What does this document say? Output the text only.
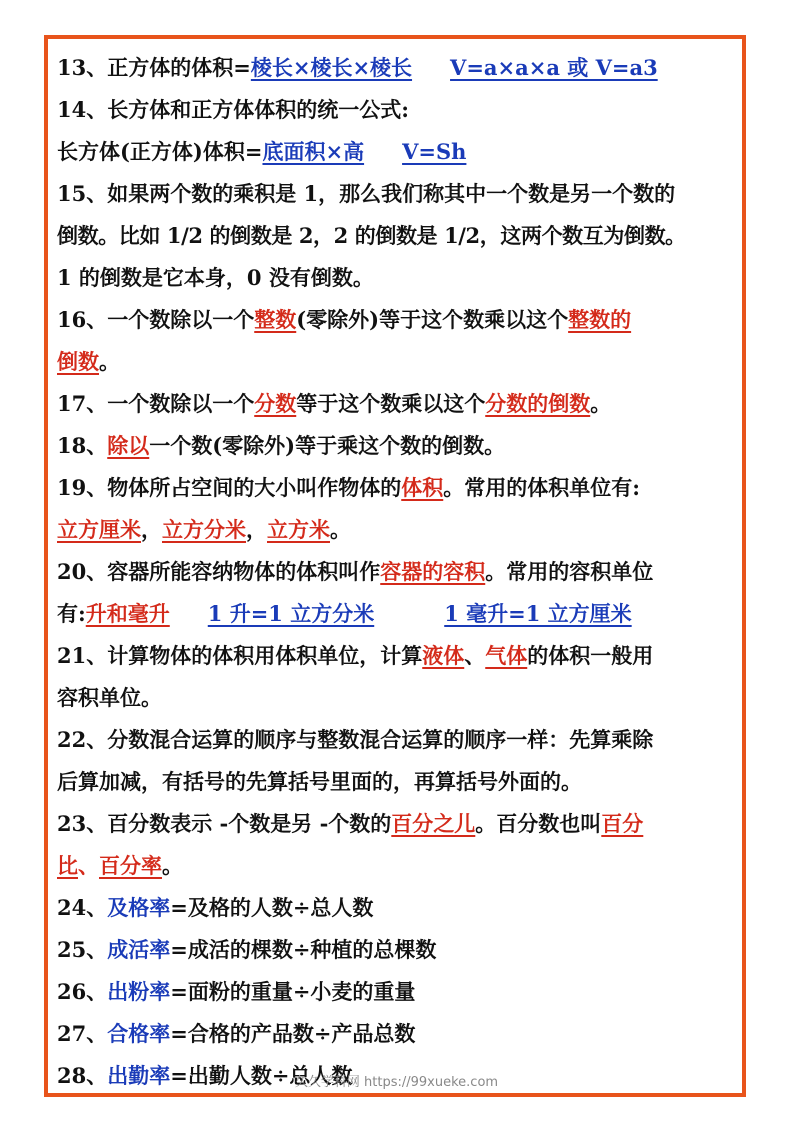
13、正方体的体积=棱长×棱长×棱长 V=a×a×a 或 V=a3
14、长方体和正方体体积的统一公式:
长方体(正方体)体积=底面积×高 V=Sh
15、如果两个数的乘积是 1，那么我们称其中一个数是另一个数的
倒数。比如 1/2 的倒数是 2，2 的倒数是 1/2，这两个数互为倒数。
1 的倒数是它本身，0 没有倒数。
16、一个数除以一个整数(零除外)等于这个数乘以这个整数的
倒数。
17、一个数除以一个分数等于这个数乘以这个分数的倒数。
18、除以一个数(零除外)等于乘这个数的倒数。
19、物体所占空间的大小叫作物体的体积。常用的体积单位有:
立方厘米，立方分米，立方米。
20、容器所能容纳物体的体积叫作容器的容积。常用的容积单位
有:升和毫升 1 升=1 立方分米	1 毫升=1 立方厘米
21、计算物体的体积用体积单位，计算液体、气体的体积一般用
容积单位。
22、分数混合运算的顺序与整数混合运算的顺序一样：先算乘除
后算加减，有括号的先算括号里面的，再算括号外面的。
23、百分数表示 -个数是另 -个数的百分之儿。百分数也叫百分
比、百分率。
24、及格率=及格的人数÷总人数
25、成活率=成活的棵数÷种植的总棵数
26、出粉率=面粉的重量÷小麦的重量
27、合格率=合格的产品数÷产品总数
28、出勤率=出勤人数÷总人数
久久学科网 https://99xueke.com
